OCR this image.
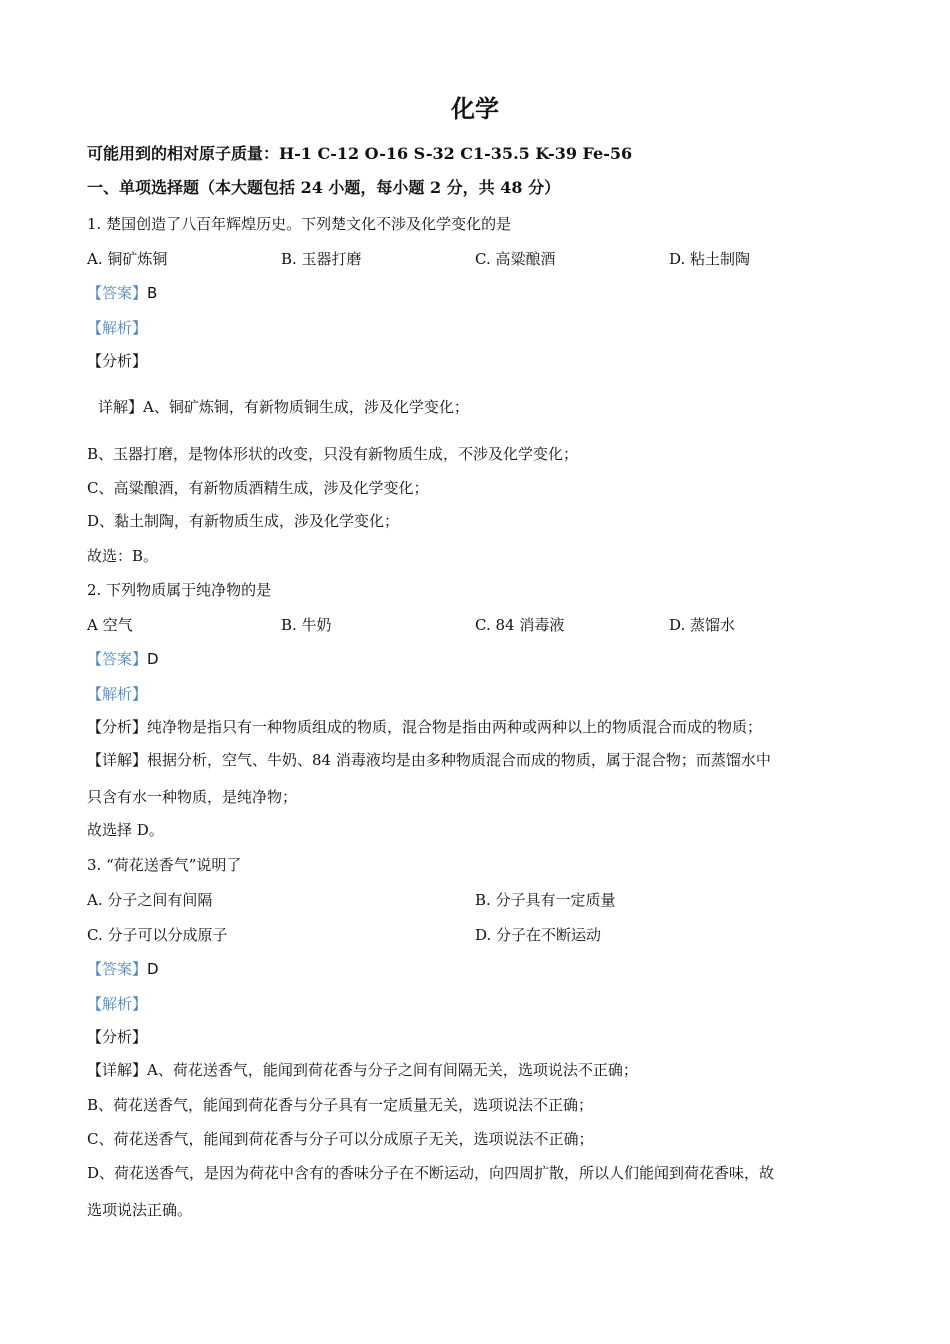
化学
可能用到的相对原子质量：H-1 C-12 O-16 S-32 C1-35.5 K-39 Fe-56
一、单项选择题（本大题包括 24 小题，每小题 2 分，共 48 分）
1. 楚国创造了八百年辉煌历史。下列楚文化不涉及化学变化的是
A. 铜矿炼铜	B. 玉器打磨	C. 高粱酿酒	D. 粘土制陶
【答案】B
【解析】
【分析】
详解】A、铜矿炼铜，有新物质铜生成，涉及化学变化；
B、玉器打磨，是物体形状的改变，只没有新物质生成，不涉及化学变化；
C、高粱酿酒，有新物质酒精生成，涉及化学变化；
D、黏土制陶，有新物质生成，涉及化学变化；
故选：B。
2. 下列物质属于纯净物的是
A 空气	B. 牛奶	C. 84 消毒液	D. 蒸馏水
【答案】D
【解析】
【分析】纯净物是指只有一种物质组成的物质，混合物是指由两种或两种以上的物质混合而成的物质；
【详解】根据分析，空气、牛奶、84 消毒液均是由多种物质混合而成的物质，属于混合物；而蒸馏水中
只含有水一种物质，是纯净物；
故选择 D。
3. “荷花送香气”说明了
A. 分子之间有间隔	B. 分子具有一定质量
C. 分子可以分成原子	D. 分子在不断运动
【答案】D
【解析】
【分析】
【详解】A、荷花送香气，能闻到荷花香与分子之间有间隔无关，选项说法不正确；
B、荷花送香气，能闻到荷花香与分子具有一定质量无关，选项说法不正确；
C、荷花送香气，能闻到荷花香与分子可以分成原子无关，选项说法不正确；
D、荷花送香气，是因为荷花中含有的香味分子在不断运动，向四周扩散，所以人们能闻到荷花香味，故
选项说法正确。
